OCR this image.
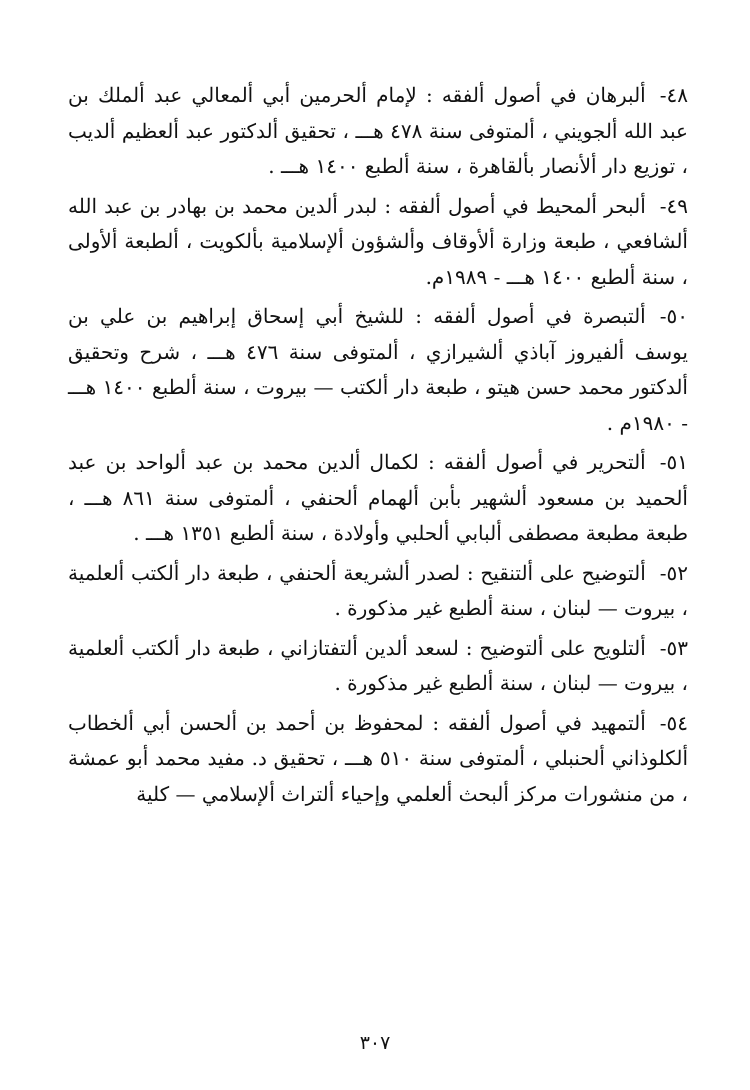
٤٨-ألبرهان في أصول ألفقه : لإمام ألحرمين أبي ألمعالي عبد ألملك بن عبد الله ألجويني ، ألمتوفى سنة ٤٧٨ هـــ ، تحقيق ألدكتور عبد ألعظيم ألديب ، توزيع دار ألأنصار بألقاهرة ، سنة ألطبع ١٤٠٠ هـــ .

٤٩-ألبحر ألمحيط في أصول ألفقه : لبدر ألدين محمد بن بهادر بن عبد الله ألشافعي ، طبعة وزارة ألأوقاف وألشؤون ألإسلامية بألكويت ، ألطبعة ألأولى ، سنة ألطبع ١٤٠٠ هـــ - ١٩٨٩م.

٥٠-ألتبصرة في أصول ألفقه : للشيخ أبي إسحاق إبراهيم بن علي بن يوسف ألفيروز آباذي ألشيرازي ، ألمتوفى سنة ٤٧٦ هـــ ، شرح وتحقيق ألدكتور محمد حسن هيتو ، طبعة دار ألكتب — بيروت ، سنة ألطبع ١٤٠٠ هـــ - ١٩٨٠م .

٥١-ألتحرير في أصول ألفقه : لكمال ألدين محمد بن عبد ألواحد بن عبد ألحميد بن مسعود ألشهير بأبن ألهمام ألحنفي ، ألمتوفى سنة ٨٦١ هـــ ، طبعة مطبعة مصطفى ألبابي ألحلبي وأولادة ، سنة ألطبع ١٣٥١ هـــ .

٥٢-ألتوضيح على ألتنقيح : لصدر ألشريعة ألحنفي ، طبعة دار ألكتب ألعلمية ، بيروت — لبنان ، سنة ألطبع غير مذكورة .

٥٣-ألتلويح على ألتوضيح : لسعد ألدين ألتفتازاني ، طبعة دار ألكتب ألعلمية ، بيروت — لبنان ، سنة ألطبع غير مذكورة .

٥٤-ألتمهيد في أصول ألفقه : لمحفوظ بن أحمد بن ألحسن أبي ألخطاب ألكلوذاني ألحنبلي ، ألمتوفى سنة ٥١٠ هـــ ، تحقيق د. مفيد محمد أبو عمشة ، من منشورات مركز ألبحث ألعلمي وإحياء ألتراث ألإسلامي — كلية

٣٠٧
